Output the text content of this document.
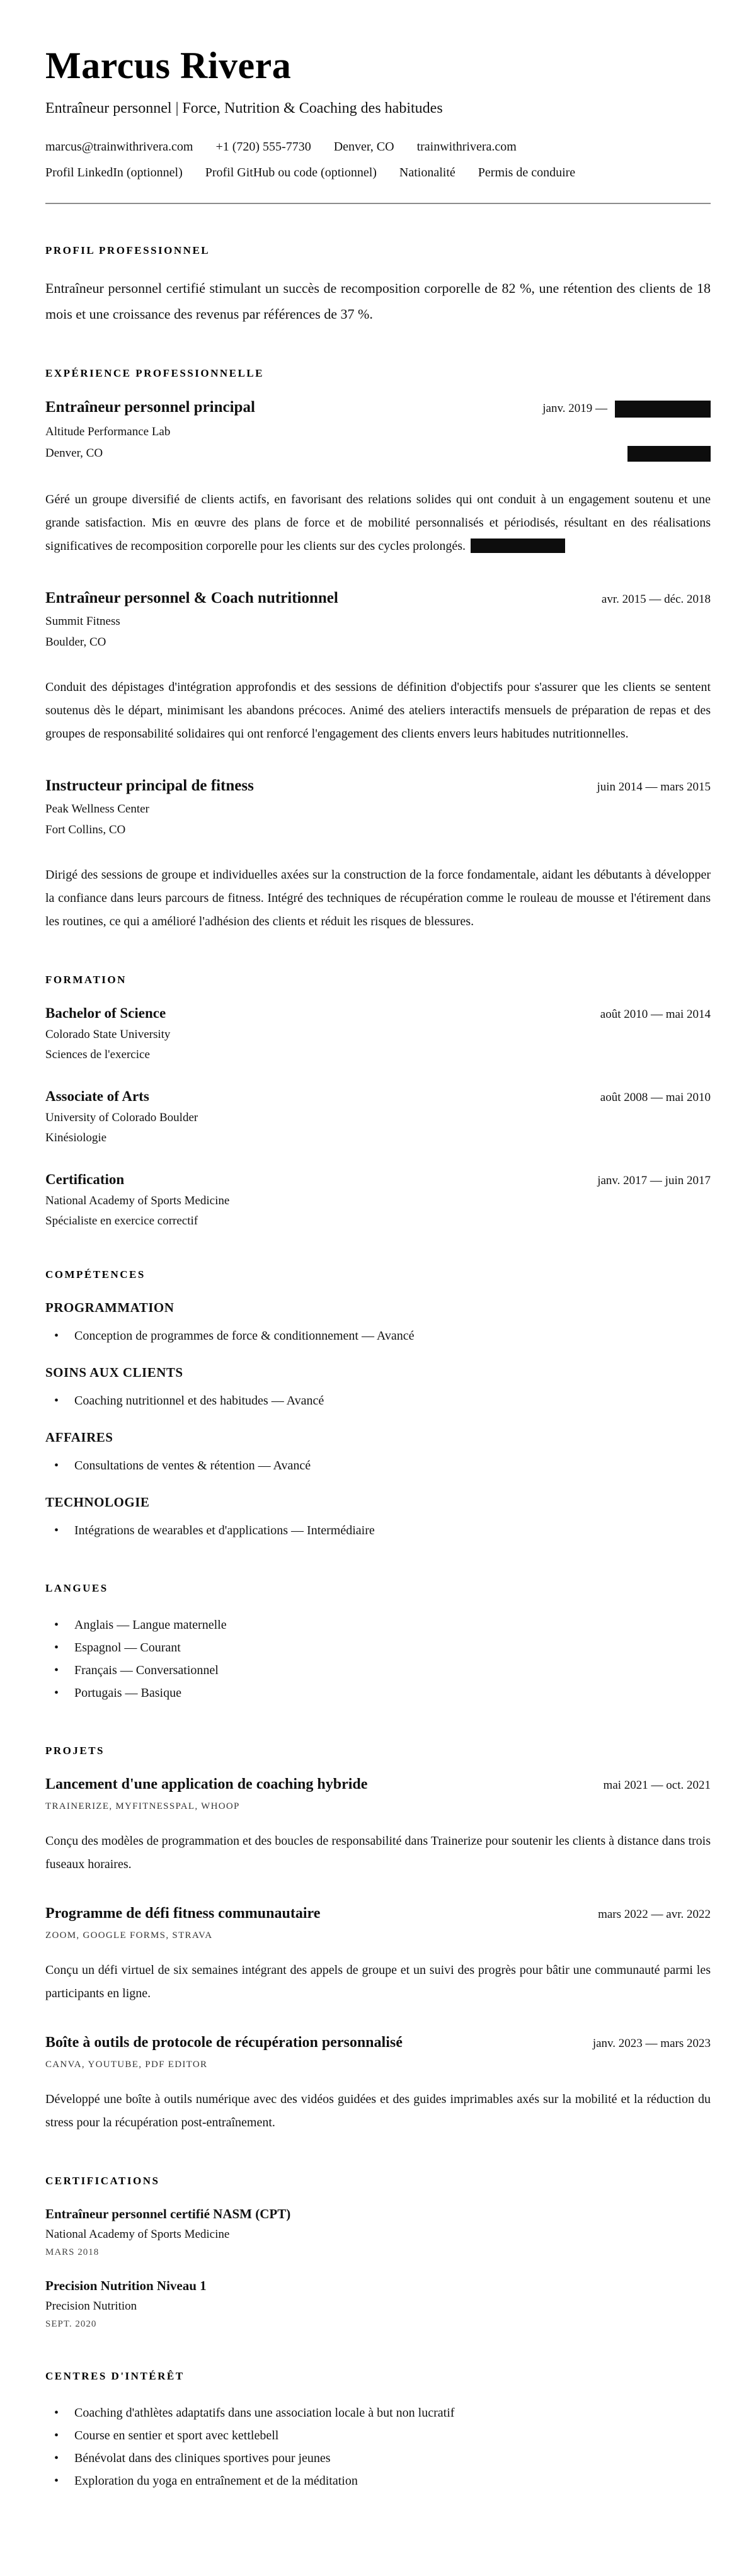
Marcus Rivera

Entraîneur personnel | Force, Nutrition & Coaching des habitudes

marcus@trainwithrivera.com +1 (720) 555-7730 Denver, CO trainwithrivera.com
Profil LinkedIn (optionnel) Profil GitHub ou code (optionnel) Nationalité Permis de conduire
PROFIL PROFESSIONNEL

Entraîneur personnel certifié stimulant un succès de recomposition corporelle de 82 %, une rétention des clients de 18 mois et une croissance des revenus par références de 37 %.

EXPÉRIENCE PROFESSIONNELLE
Entraîneur personnel principal	janv. 2019 —
Altitude Performance Lab
Denver, CO

Géré un groupe diversifié de clients actifs, en favorisant des relations solides qui ont conduit à un engagement soutenu et une grande satisfaction. Mis en œuvre des plans de force et de mobilité personnalisés et périodisés, résultant en des réalisations significatives de recomposition corporelle pour les clients sur des cycles prolongés.

Entraîneur personnel & Coach nutritionnel	avr. 2015 — déc. 2018
Summit Fitness
Boulder, CO

Conduit des dépistages d'intégration approfondis et des sessions de définition d'objectifs pour s'assurer que les clients se sentent soutenus dès le départ, minimisant les abandons précoces. Animé des ateliers interactifs mensuels de préparation de repas et des groupes de responsabilité solidaires qui ont renforcé l'engagement des clients envers leurs habitudes nutritionnelles.

Instructeur principal de fitness	juin 2014 — mars 2015
Peak Wellness Center
Fort Collins, CO

Dirigé des sessions de groupe et individuelles axées sur la construction de la force fondamentale, aidant les débutants à développer la confiance dans leurs parcours de fitness. Intégré des techniques de récupération comme le rouleau de mousse et l'étirement dans les routines, ce qui a amélioré l'adhésion des clients et réduit les risques de blessures.

FORMATION
Bachelor of Science	août 2010 — mai 2014
Colorado State University
Sciences de l'exercice
Associate of Arts	août 2008 — mai 2010
University of Colorado Boulder
Kinésiologie
Certification	janv. 2017 — juin 2017
National Academy of Sports Medicine
Spécialiste en exercice correctif
COMPÉTENCES
PROGRAMMATION
• Conception de programmes de force & conditionnement — Avancé
SOINS AUX CLIENTS
• Coaching nutritionnel et des habitudes — Avancé
AFFAIRES
• Consultations de ventes & rétention — Avancé
TECHNOLOGIE
• Intégrations de wearables et d'applications — Intermédiaire
LANGUES
• Anglais — Langue maternelle
• Espagnol — Courant
• Français — Conversationnel
• Portugais — Basique
PROJETS
Lancement d'une application de coaching hybride	mai 2021 — oct. 2021
TRAINERIZE, MYFITNESSPAL, WHOOP

Conçu des modèles de programmation et des boucles de responsabilité dans Trainerize pour soutenir les clients à distance dans trois fuseaux horaires.

Programme de défi fitness communautaire	mars 2022 — avr. 2022
ZOOM, GOOGLE FORMS, STRAVA

Conçu un défi virtuel de six semaines intégrant des appels de groupe et un suivi des progrès pour bâtir une communauté parmi les participants en ligne.

Boîte à outils de protocole de récupération personnalisé	janv. 2023 — mars 2023
CANVA, YOUTUBE, PDF EDITOR

Développé une boîte à outils numérique avec des vidéos guidées et des guides imprimables axés sur la mobilité et la réduction du stress pour la récupération post-entraînement.

CERTIFICATIONS
Entraîneur personnel certifié NASM (CPT)
National Academy of Sports Medicine
MARS 2018
Precision Nutrition Niveau 1
Precision Nutrition
SEPT. 2020
CENTRES D'INTÉRÊT
• Coaching d'athlètes adaptatifs dans une association locale à but non lucratif
• Course en sentier et sport avec kettlebell
• Bénévolat dans des cliniques sportives pour jeunes
• Exploration du yoga en entraînement et de la méditation
